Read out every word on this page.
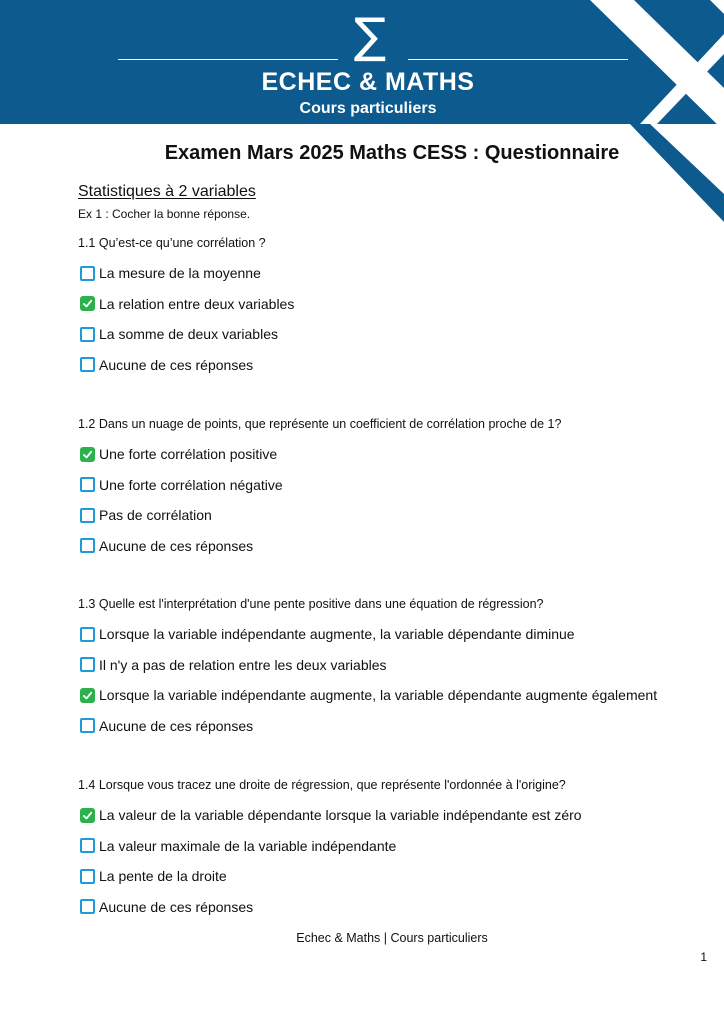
∑
ECHEC & MATHS
Cours particuliers
Examen Mars 2025 Maths CESS : Questionnaire
Statistiques à 2 variables
Ex 1 : Cocher la bonne réponse.
1.1 Qu’est-ce qu’une corrélation ?
La mesure de la moyenne
La relation entre deux variables
La somme de deux variables
Aucune de ces réponses
1.2 Dans un nuage de points, que représente un coefficient de corrélation proche de 1?
Une forte corrélation positive
Une forte corrélation négative
Pas de corrélation
Aucune de ces réponses
1.3 Quelle est l'interprétation d'une pente positive dans une équation de régression?
Lorsque la variable indépendante augmente, la variable dépendante diminue
Il n'y a pas de relation entre les deux variables
Lorsque la variable indépendante augmente, la variable dépendante augmente également
Aucune de ces réponses
1.4 Lorsque vous tracez une droite de régression, que représente l'ordonnée à l'origine?
La valeur de la variable dépendante lorsque la variable indépendante est zéro
La valeur maximale de la variable indépendante
La pente de la droite
Aucune de ces réponses
Echec & Maths | Cours particuliers
1
